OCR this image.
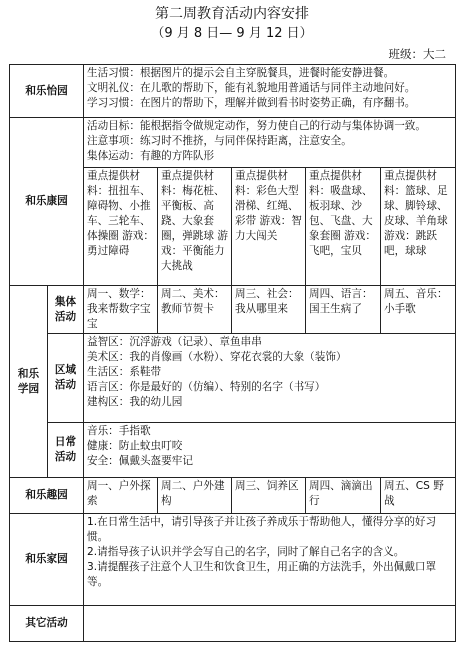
第二周教育活动内容安排
（9 月 8 日— 9 月 12 日）
班级：大二
和乐怡园		生活习惯：根据图片的提示会自主穿脱餐具，进餐时能安静进餐。
文明礼仪：在儿歌的帮助下，能有礼貌地用普通话与同伴主动地问好。
学习习惯：在图片的帮助下，理解并做到看书时姿势正确，有序翻书。				

和乐康园		活动目标：能根据指令做规定动作，努力使自己的行动与集体协调一致。
注意事项：练习时不推挤，与同伴保持距离，注意安全。
集体运动：有趣的方阵队形				

		重点提供材料：扭扭车、障碍物、小推车、三轮车、体操圈 游戏：勇过障碍	重点提供材料：梅花桩、平衡板、高跷、大象套圈，弹跳球 游戏：平衡能力大挑战	重点提供材料：彩色大型滑梯、红绳、彩带 游戏：智力大闯关	重点提供材料：吸盘球、板羽球、沙包、飞盘、大象套圈 游戏：飞吧，宝贝	重点提供材料：篮球、足球、脚铃球、皮球、羊角球 游戏：跳跃吧，球球
和乐学园	集体活动	周一、数学：我来帮数字宝宝	周二、美术：教师节贺卡	周三、社会：我从哪里来	周四、语言：国王生病了	周五、音乐：小手歌
	区域活动	益智区：沉浮游戏（记录）、章鱼串串
美术区：我的肖像画（水粉）、穿花衣裳的大象（装饰）
生活区：系鞋带
语言区：你是最好的（仿编）、特别的名字（书写）
建构区：我的幼儿园				

	日常活动	音乐：手指歌
健康：防止蚊虫叮咬
安全：佩戴头盔要牢记				

和乐趣园		周一、户外探索	周二、户外建构	周三、饲养区	周四、滴滴出行	周五、CS 野战
和乐家园		1.在日常生活中，请引导孩子并让孩子养成乐于帮助他人，懂得分享的好习惯。
2.请指导孩子认识并学会写自己的名字，同时了解自己名字的含义。
3.请提醒孩子注意个人卫生和饮食卫生，用正确的方法洗手，外出佩戴口罩等。				

其它活动						
